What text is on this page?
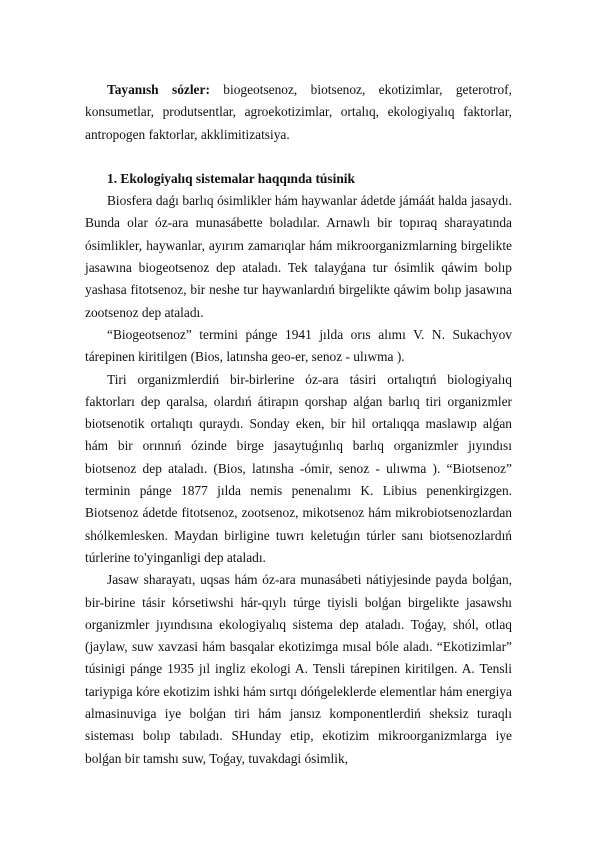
Tayanısh sózler: biogeotsenoz, biotsenoz, ekotizimlar, geterotrof, konsumetlar, produtsentlar, agroekotizimlar, ortalıq, ekologiyalıq faktorlar, antropogen faktorlar, akklimitizatsiya.

1. Ekologiyalıq sistemalar haqqında túsinik

Biosfera daǵı barlıq ósimlikler hám haywanlar ádetde jámáát halda jasaydı. Bunda olar óz-ara munasábette boladılar. Arnawlı bir topıraq sharayatında ósimlikler, haywanlar, ayırım zamarıqlar hám mikroorganizmlarning birgelikte jasawına biogeotsenoz dep ataladı. Tek talayǵana tur ósimlik qáwim bolıp yashasa fitotsenoz, bir neshe tur haywanlardıń birgelikte qáwim bolıp jasawına zootsenoz dep ataladı.

“Biogeotsenoz” termini pánge 1941 jılda orıs alımı V. N. Sukachyov tárepinen kiritilgen (Bios, latınsha geo-er, senoz - ulıwma ).

Tiri organizmlerdiń bir-birlerine óz-ara tásiri ortalıqtıń biologiyalıq faktorları dep qaralsa, olardıń átirapın qorshap alǵan barlıq tiri organizmler biotsenotik ortalıqtı quraydı. Sonday eken, bir hil ortalıqqa maslawıp alǵan hám bir orınnıń ózinde birge jasaytuǵınlıq barlıq organizmler jıyındısı biotsenoz dep ataladı. (Bios, latınsha -ómir, senoz - ulıwma ). “Biotsenoz” terminin pánge 1877 jılda nemis penenalımı K. Libius penenkirgizgen. Biotsenoz ádetde fitotsenoz, zootsenoz, mikotsenoz hám mikrobiotsenozlardan shólkemlesken. Maydan birligine tuwrı keletuǵın túrler sanı biotsenozlardıń túrlerine to'yinganligi dep ataladı.

Jasaw sharayatı, uqsas hám óz-ara munasábeti nátiyjesinde payda bolǵan, bir-birine tásir kórsetiwshi hár-qıylı túrge tiyisli bolǵan birgelikte jasawshı organizmler jıyındısına ekologiyalıq sistema dep ataladı. Toǵay, shól, otlaq (jaylaw, suw xavzasi hám basqalar ekotizimga mısal bóle aladı. “Ekotizimlar” túsinigi pánge 1935 jıl ingliz ekologi A. Tensli tárepinen kiritilgen. A. Tensli tariypiga kóre ekotizim ishki hám sırtqı dóńgeleklerde elementlar hám energiya almasinuviga iye bolǵan tiri hám jansız komponentlerdiń sheksiz turaqlı sisteması bolıp tabıladı. SHunday etip, ekotizim mikroorganizmlarga iye bolǵan bir tamshı suw, Toǵay, tuvakdagi ósimlik,
